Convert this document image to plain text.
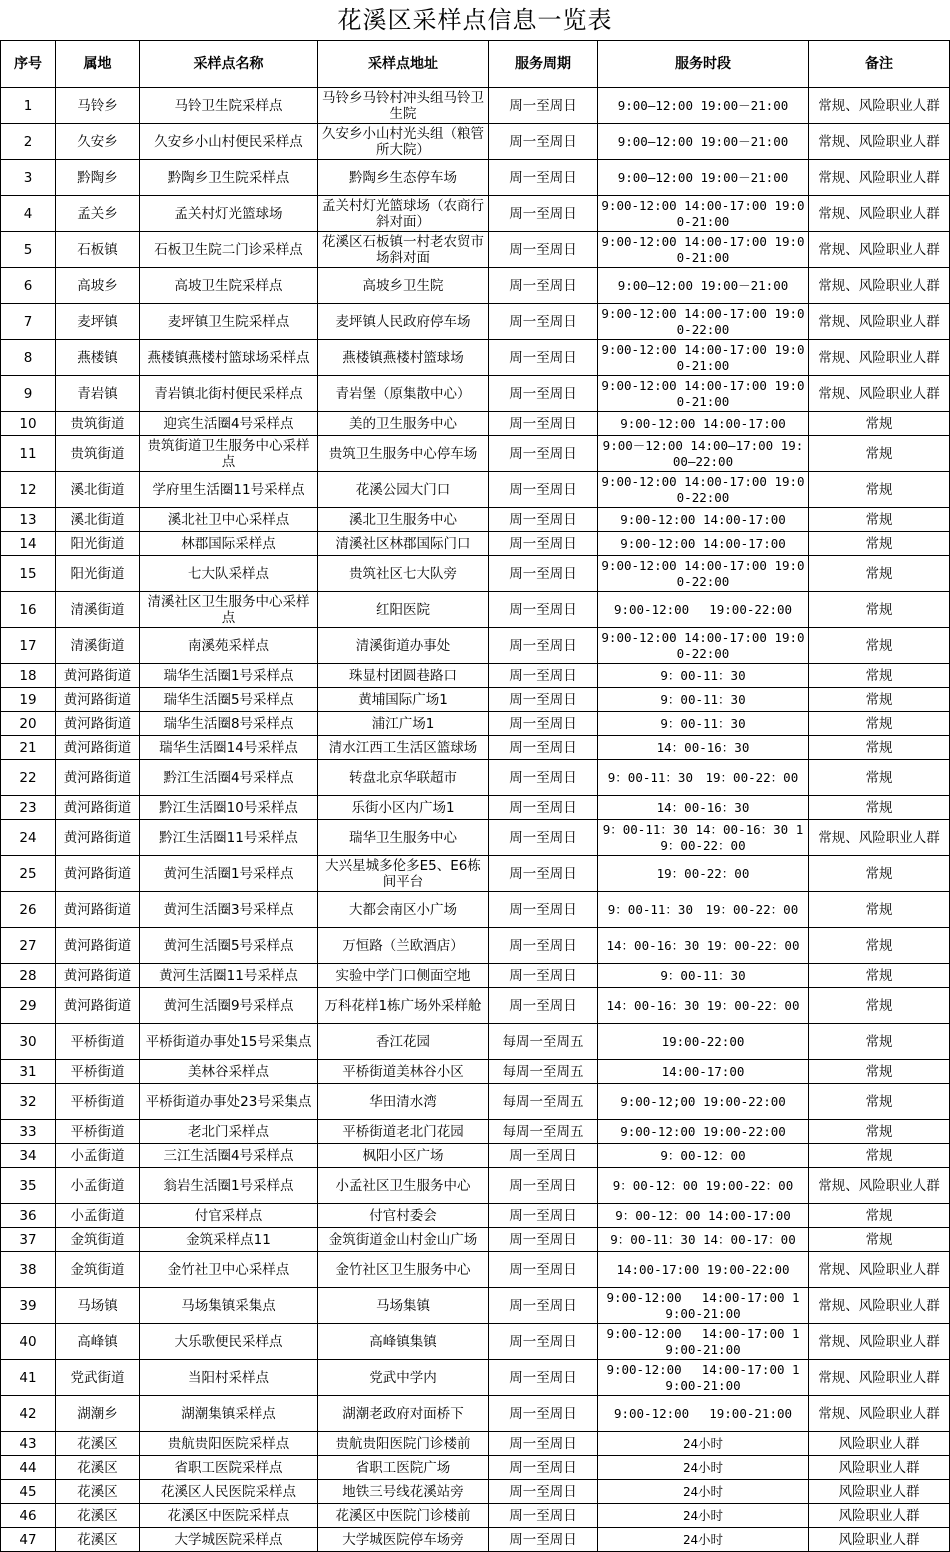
花溪区采样点信息一览表
序号	属地	采样点名称	采样点地址	服务周期	服务时段	备注
1	马铃乡	马铃卫生院采样点	马铃乡马铃村冲头组马铃卫生院	周一至周日	9:00—12:00 19:00－21:00	常规、风险职业人群
2	久安乡	久安乡小山村便民采样点	久安乡小山村光头组（粮管所大院）	周一至周日	9:00—12:00 19:00－21:00	常规、风险职业人群
3	黔陶乡	黔陶乡卫生院采样点	黔陶乡生态停车场	周一至周日	9:00—12:00 19:00－21:00	常规、风险职业人群
4	孟关乡	孟关村灯光篮球场	孟关村灯光篮球场（农商行斜对面）	周一至周日	9:00-12:00 14:00-17:00 19:00-21:00	常规、风险职业人群
5	石板镇	石板卫生院二门诊采样点	花溪区石板镇一村老农贸市场斜对面	周一至周日	9:00-12:00 14:00-17:00 19:00-21:00	常规、风险职业人群
6	高坡乡	高坡卫生院采样点	高坡乡卫生院	周一至周日	9:00—12:00 19:00－21:00	常规、风险职业人群
7	麦坪镇	麦坪镇卫生院采样点	麦坪镇人民政府停车场	周一至周日	9:00-12:00 14:00-17:00 19:00-22:00	常规、风险职业人群
8	燕楼镇	燕楼镇燕楼村篮球场采样点	燕楼镇燕楼村篮球场	周一至周日	9:00-12:00 14:00-17:00 19:00-21:00	常规、风险职业人群
9	青岩镇	青岩镇北街村便民采样点	青岩堡（原集散中心）	周一至周日	9:00-12:00 14:00-17:00 19:00-21:00	常规、风险职业人群
10	贵筑街道	迎宾生活圈4号采样点	美的卫生服务中心	周一至周日	9:00-12:00 14:00-17:00	常规
11	贵筑街道	贵筑街道卫生服务中心采样点	贵筑卫生服务中心停车场	周一至周日	9:00－12:00 14:00—17:00 19:00—22:00	常规
12	溪北街道	学府里生活圈11号采样点	花溪公园大门口	周一至周日	9:00-12:00 14:00-17:00 19:00-22:00	常规
13	溪北街道	溪北社卫中心采样点	溪北卫生服务中心	周一至周日	9:00-12:00 14:00-17:00	常规
14	阳光街道	林郡国际采样点	清溪社区林郡国际门口	周一至周日	9:00-12:00 14:00-17:00	常规
15	阳光街道	七大队采样点	贵筑社区七大队旁	周一至周日	9:00-12:00 14:00-17:00 19:00-22:00	常规
16	清溪街道	清溪社区卫生服务中心采样点	红阳医院	周一至周日	9:00-12:00　 19:00-22:00	常规
17	清溪街道	南溪苑采样点	清溪街道办事处	周一至周日	9:00-12:00 14:00-17:00 19:00-22:00	常规
18	黄河路街道	瑞华生活圈1号采样点	珠显村团圆巷路口	周一至周日	9：00-11：30	常规
19	黄河路街道	瑞华生活圈5号采样点	黄埔国际广场1	周一至周日	9：00-11：30	常规
20	黄河路街道	瑞华生活圈8号采样点	浦江广场1	周一至周日	9：00-11：30	常规
21	黄河路街道	瑞华生活圈14号采样点	清水江西工生活区篮球场	周一至周日	14：00-16：30	常规
22	黄河路街道	黔江生活圈4号采样点	转盘北京华联超市	周一至周日	9：00-11：30　19：00-22：00	常规
23	黄河路街道	黔江生活圈10号采样点	乐街小区内广场1	周一至周日	14：00-16：30	常规
24	黄河路街道	黔江生活圈11号采样点	瑞华卫生服务中心	周一至周日	9：00-11：30 14：00-16：30 19：00-22：00	常规、风险职业人群
25	黄河路街道	黄河生活圈1号采样点	大兴星城多伦多E5、E6栋间平台	周一至周日	19：00-22：00	常规
26	黄河路街道	黄河生活圈3号采样点	大都会南区小广场	周一至周日	9：00-11：30　19：00-22：00	常规
27	黄河路街道	黄河生活圈5号采样点	万恒路（兰欧酒店）	周一至周日	14：00-16：30 19：00-22：00	常规
28	黄河路街道	黄河生活圈11号采样点	实验中学门口侧面空地	周一至周日	9：00-11：30	常规
29	黄河路街道	黄河生活圈9号采样点	万科花样1栋广场外采样舱	周一至周日	14：00-16：30 19：00-22：00	常规
30	平桥街道	平桥街道办事处15号采集点	香江花园	每周一至周五	19:00-22:00	常规
31	平桥街道	美林谷采样点	平桥街道美林谷小区	每周一至周五	14:00-17:00	常规
32	平桥街道	平桥街道办事处23号采集点	华田清水湾	每周一至周五	9:00-12;00 19:00-22:00	常规
33	平桥街道	老北门采样点	平桥街道老北门花园	每周一至周五	9:00-12:00 19:00-22:00	常规
34	小孟街道	三江生活圈4号采样点	枫阳小区广场	周一至周日	9：00-12：00	常规
35	小孟街道	翁岩生活圈1号采样点	小孟社区卫生服务中心	周一至周日	9：00-12：00 19:00-22：00	常规、风险职业人群
36	小孟街道	付官采样点	付官村委会	周一至周日	9：00-12：00 14:00-17:00	常规
37	金筑街道	金筑采样点11	金筑街道金山村金山广场	周一至周日	9：00-11：30 14：00-17：00	常规
38	金筑街道	金竹社卫中心采样点	金竹社区卫生服务中心	周一至周日	14:00-17:00 19:00-22:00	常规、风险职业人群
39	马场镇	马场集镇采集点	马场集镇	周一至周日	9:00-12:00　 14:00-17:00 19:00-21:00	常规、风险职业人群
40	高峰镇	大乐歌便民采样点	高峰镇集镇	周一至周日	9:00-12:00　 14:00-17:00 19:00-21:00	常规、风险职业人群
41	党武街道	当阳村采样点	党武中学内	周一至周日	9:00-12:00　 14:00-17:00 19:00-21:00	常规、风险职业人群
42	湖潮乡	湖潮集镇采样点	湖潮老政府对面桥下	周一至周日	9:00-12:00　 19:00-21:00	常规、风险职业人群
43	花溪区	贵航贵阳医院采样点	贵航贵阳医院门诊楼前	周一至周日	24小时	风险职业人群
44	花溪区	省职工医院采样点	省职工医院广场	周一至周日	24小时	风险职业人群
45	花溪区	花溪区人民医院采样点	地铁三号线花溪站旁	周一至周日	24小时	风险职业人群
46	花溪区	花溪区中医院采样点	花溪区中医院门诊楼前	周一至周日	24小时	风险职业人群
47	花溪区	大学城医院采样点	大学城医院停车场旁	周一至周日	24小时	风险职业人群
